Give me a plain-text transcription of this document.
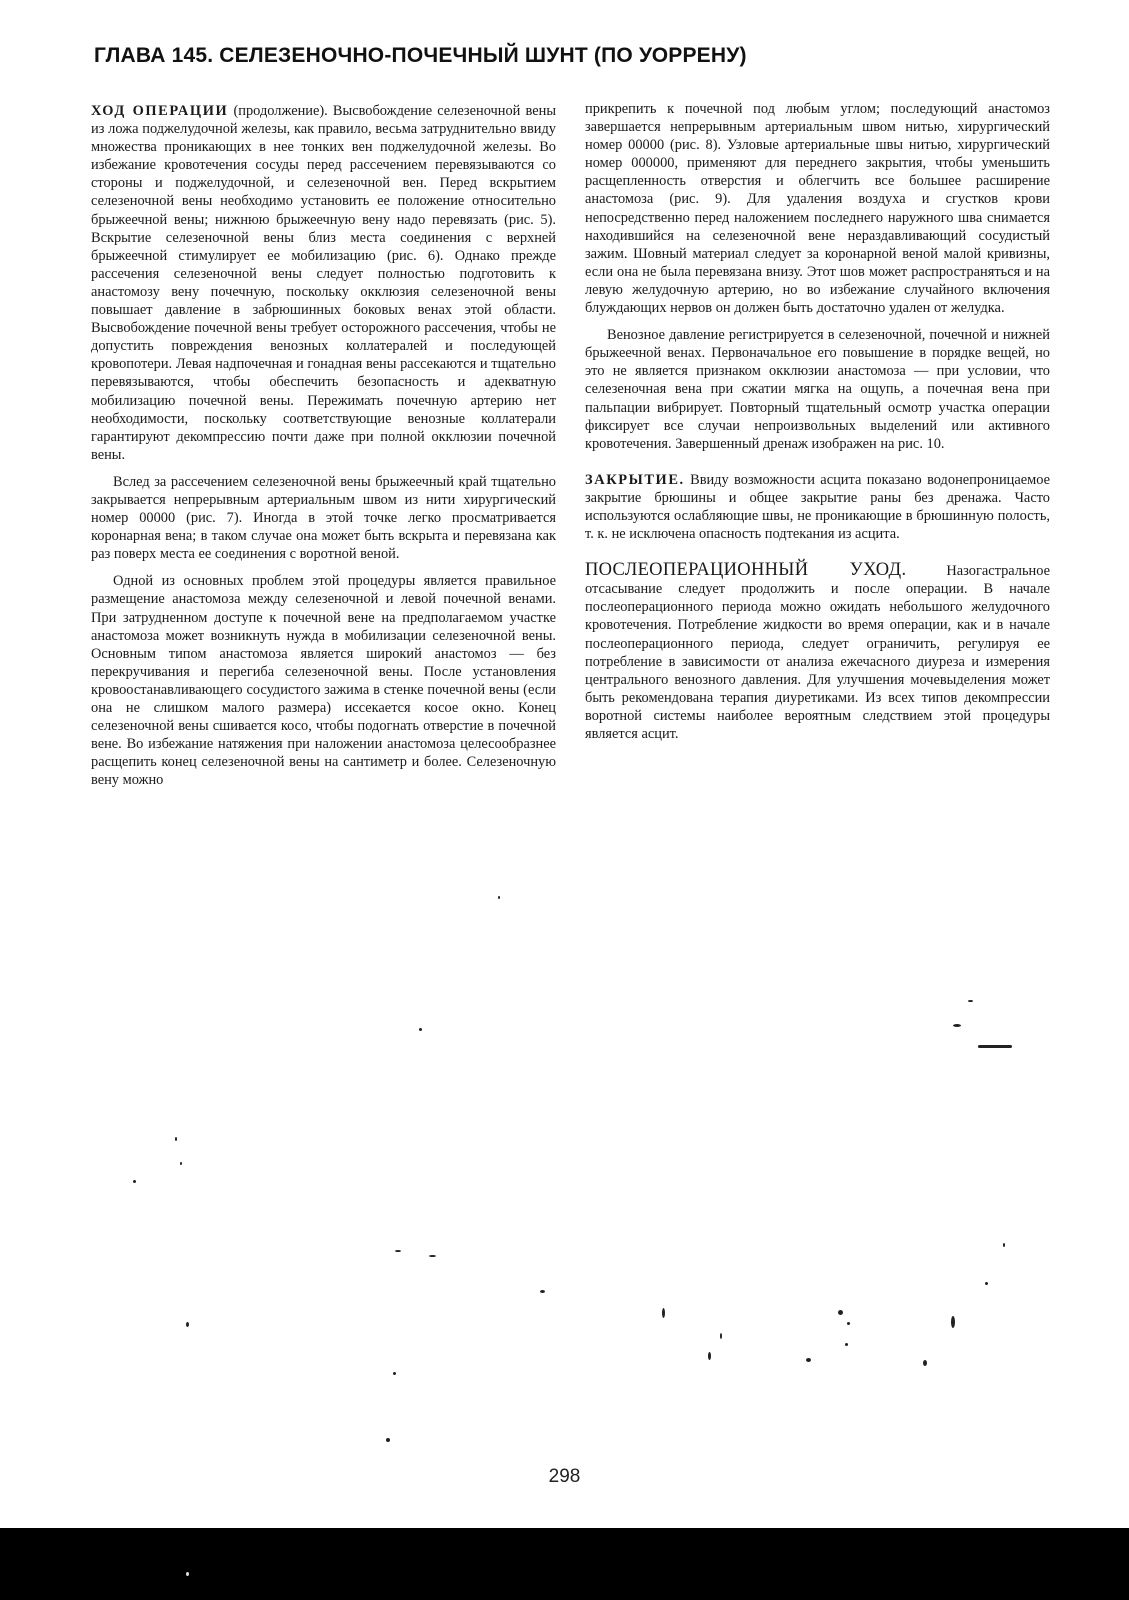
ГЛАВА 145. СЕЛЕЗЕНОЧНО-ПОЧЕЧНЫЙ ШУНТ (ПО УОРРЕНУ)

ХОД ОПЕРАЦИИ (продолжение). Высвобождение селезеночной вены из ложа поджелудочной железы, как правило, весьма затруднительно ввиду множества проникающих в нее тонких вен поджелудочной железы. Во избежание кровотечения сосуды перед рассечением перевязываются со стороны и поджелудочной, и селезеночной вен. Перед вскрытием селезеночной вены необходимо установить ее положение относительно брыжеечной вены; нижнюю брыжеечную вену надо перевязать (рис. 5). Вскрытие селезеночной вены близ места соединения с верхней брыжеечной стимулирует ее мобилизацию (рис. 6). Однако прежде рассечения селезеночной вены следует полностью подготовить к анастомозу вену почечную, поскольку окклюзия селезеночной вены повышает давление в забрюшинных боковых венах этой области. Высвобождение почечной вены требует осторожного рассечения, чтобы не допустить повреждения венозных коллатералей и последующей кровопотери. Левая надпочечная и гонадная вены рассекаются и тщательно перевязываются, чтобы обеспечить безопасность и адекватную мобилизацию почечной вены. Пережимать почечную артерию нет необходимости, поскольку соответствующие венозные коллатерали гарантируют декомпрессию почти даже при полной окклюзии почечной вены.

Вслед за рассечением селезеночной вены брыжеечный край тщательно закрывается непрерывным артериальным швом из нити хирургический номер 00000 (рис. 7). Иногда в этой точке легко просматривается коронарная вена; в таком случае она может быть вскрыта и перевязана как раз поверх места ее соединения с воротной веной.

Одной из основных проблем этой процедуры является правильное размещение анастомоза между селезеночной и левой почечной венами. При затрудненном доступе к почечной вене на предполагаемом участке анастомоза может возникнуть нужда в мобилизации селезеночной вены. Основным типом анастомоза является широкий анастомоз — без перекручивания и перегиба селезеночной вены. После установления кровоостанавливающего сосудистого зажима в стенке почечной вены (если она не слишком малого размера) иссекается косое окно. Конец селезеночной вены сшивается косо, чтобы подогнать отверстие в почечной вене. Во избежание натяжения при наложении анастомоза целесообразнее расщепить конец селезеночной вены на сантиметр и более. Селезеночную вену можно

прикрепить к почечной под любым углом; последующий анастомоз завершается непрерывным артериальным швом нитью, хирургический номер 00000 (рис. 8). Узловые артериальные швы нитью, хирургический номер 000000, применяют для переднего закрытия, чтобы уменьшить расщепленность отверстия и облегчить все большее расширение анастомоза (рис. 9). Для удаления воздуха и сгустков крови непосредственно перед наложением последнего наружного шва снимается находившийся на селезеночной вене нераздавливающий сосудистый зажим. Шовный материал следует за коронарной веной малой кривизны, если она не была перевязана внизу. Этот шов может распространяться и на левую желудочную артерию, но во избежание случайного включения блуждающих нервов он должен быть достаточно удален от желудка.

Венозное давление регистрируется в селезеночной, почечной и нижней брыжеечной венах. Первоначальное его повышение в порядке вещей, но это не является признаком окклюзии анастомоза — при условии, что селезеночная вена при сжатии мягка на ощупь, а почечная вена при пальпации вибрирует. Повторный тщательный осмотр участка операции фиксирует все случаи непроизвольных выделений или активного кровотечения. Завершенный дренаж изображен на рис. 10.

ЗАКРЫТИЕ. Ввиду возможности асцита показано водонепроницаемое закрытие брюшины и общее закрытие раны без дренажа. Часто используются ослабляющие швы, не проникающие в брюшинную полость, т. к. не исключена опасность подтекания из асцита.

ПОСЛЕОПЕРАЦИОННЫЙ УХОД. Назогастральное отсасывание следует продолжить и после операции. В начале послеоперационного периода можно ожидать небольшого желудочного кровотечения. Потребление жидкости во время операции, как и в начале послеоперационного периода, следует ограничить, регулируя ее потребление в зависимости от анализа ежечасного диуреза и измерения центрального венозного давления. Для улучшения мочевыделения может быть рекомендована терапия диуретиками. Из всех типов декомпрессии воротной системы наиболее вероятным следствием этой процедуры является асцит.

298
